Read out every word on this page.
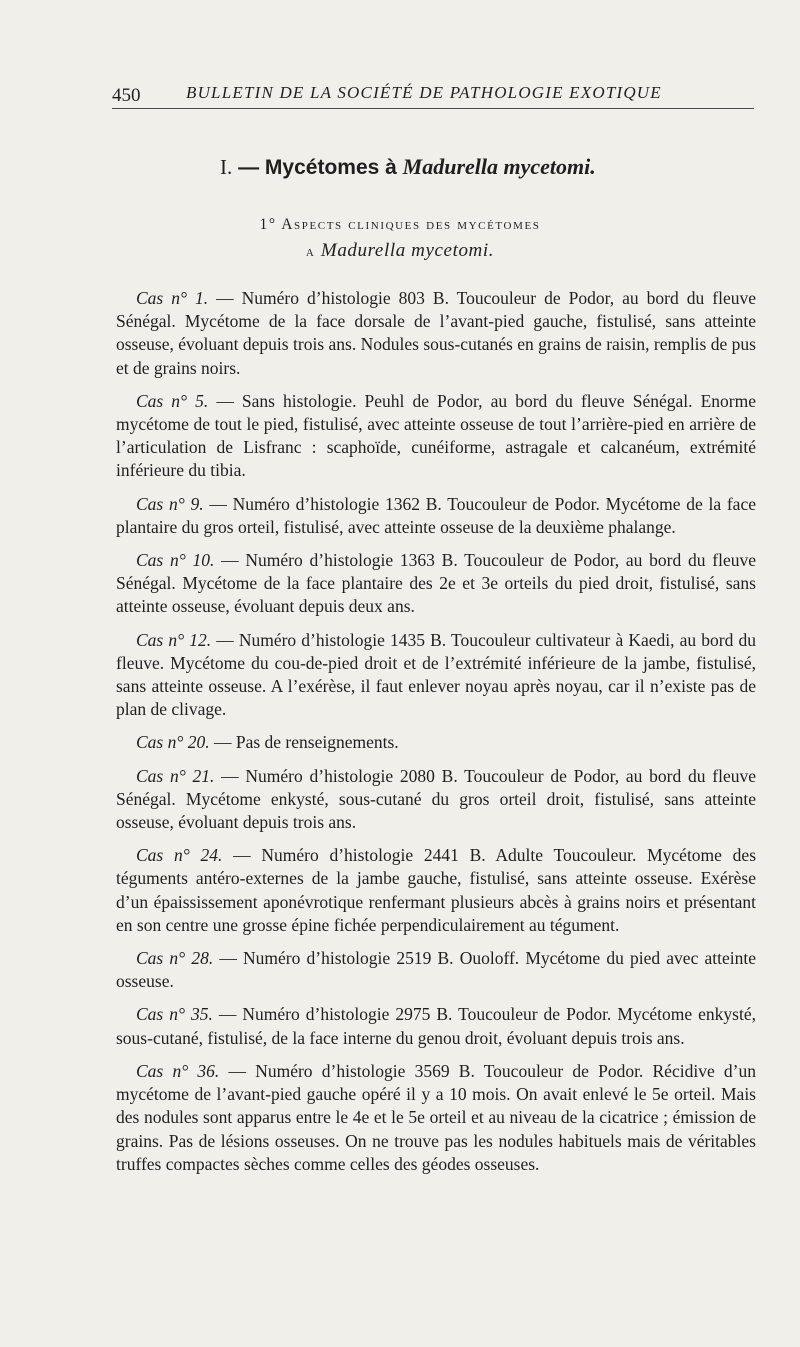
450	BULLETIN DE LA SOCIÉTÉ DE PATHOLOGIE EXOTIQUE
I. — Mycétomes à Madurella mycetomi.
1° Aspects cliniques des mycétomes
a Madurella mycetomi.

Cas n° 1. — Numéro d’histologie 803 B. Toucouleur de Podor, au bord du fleuve Sénégal. Mycétome de la face dorsale de l’avant-pied gauche, fistulisé, sans atteinte osseuse, évoluant depuis trois ans. Nodules sous-cutanés en grains de raisin, remplis de pus et de grains noirs.

Cas n° 5. — Sans histologie. Peuhl de Podor, au bord du fleuve Sénégal. Enorme mycétome de tout le pied, fistulisé, avec atteinte osseuse de tout l’arrière-pied en arrière de l’articulation de Lisfranc : scaphoïde, cunéiforme, astragale et calcanéum, extrémité inférieure du tibia.

Cas n° 9. — Numéro d’histologie 1362 B. Toucouleur de Podor. Mycétome de la face plantaire du gros orteil, fistulisé, avec atteinte osseuse de la deuxième phalange.

Cas n° 10. — Numéro d’histologie 1363 B. Toucouleur de Podor, au bord du fleuve Sénégal. Mycétome de la face plantaire des 2e et 3e orteils du pied droit, fistulisé, sans atteinte osseuse, évoluant depuis deux ans.

Cas n° 12. — Numéro d’histologie 1435 B. Toucouleur cultivateur à Kaedi, au bord du fleuve. Mycétome du cou-de-pied droit et de l’extrémité inférieure de la jambe, fistulisé, sans atteinte osseuse. A l’exérèse, il faut enlever noyau après noyau, car il n’existe pas de plan de clivage.

Cas n° 20. — Pas de renseignements.

Cas n° 21. — Numéro d’histologie 2080 B. Toucouleur de Podor, au bord du fleuve Sénégal. Mycétome enkysté, sous-cutané du gros orteil droit, fistulisé, sans atteinte osseuse, évoluant depuis trois ans.

Cas n° 24. — Numéro d’histologie 2441 B. Adulte Toucouleur. Mycétome des téguments antéro-externes de la jambe gauche, fistulisé, sans atteinte osseuse. Exérèse d’un épaississement aponévrotique renfermant plusieurs abcès à grains noirs et présentant en son centre une grosse épine fichée perpendiculairement au tégument.

Cas n° 28. — Numéro d’histologie 2519 B. Ouoloff. Mycétome du pied avec atteinte osseuse.

Cas n° 35. — Numéro d’histologie 2975 B. Toucouleur de Podor. Mycétome enkysté, sous-cutané, fistulisé, de la face interne du genou droit, évoluant depuis trois ans.

Cas n° 36. — Numéro d’histologie 3569 B. Toucouleur de Podor. Récidive d’un mycétome de l’avant-pied gauche opéré il y a 10 mois. On avait enlevé le 5e orteil. Mais des nodules sont apparus entre le 4e et le 5e orteil et au niveau de la cicatrice ; émission de grains. Pas de lésions osseuses. On ne trouve pas les nodules habituels mais de véritables truffes compactes sèches comme celles des géodes osseuses.
